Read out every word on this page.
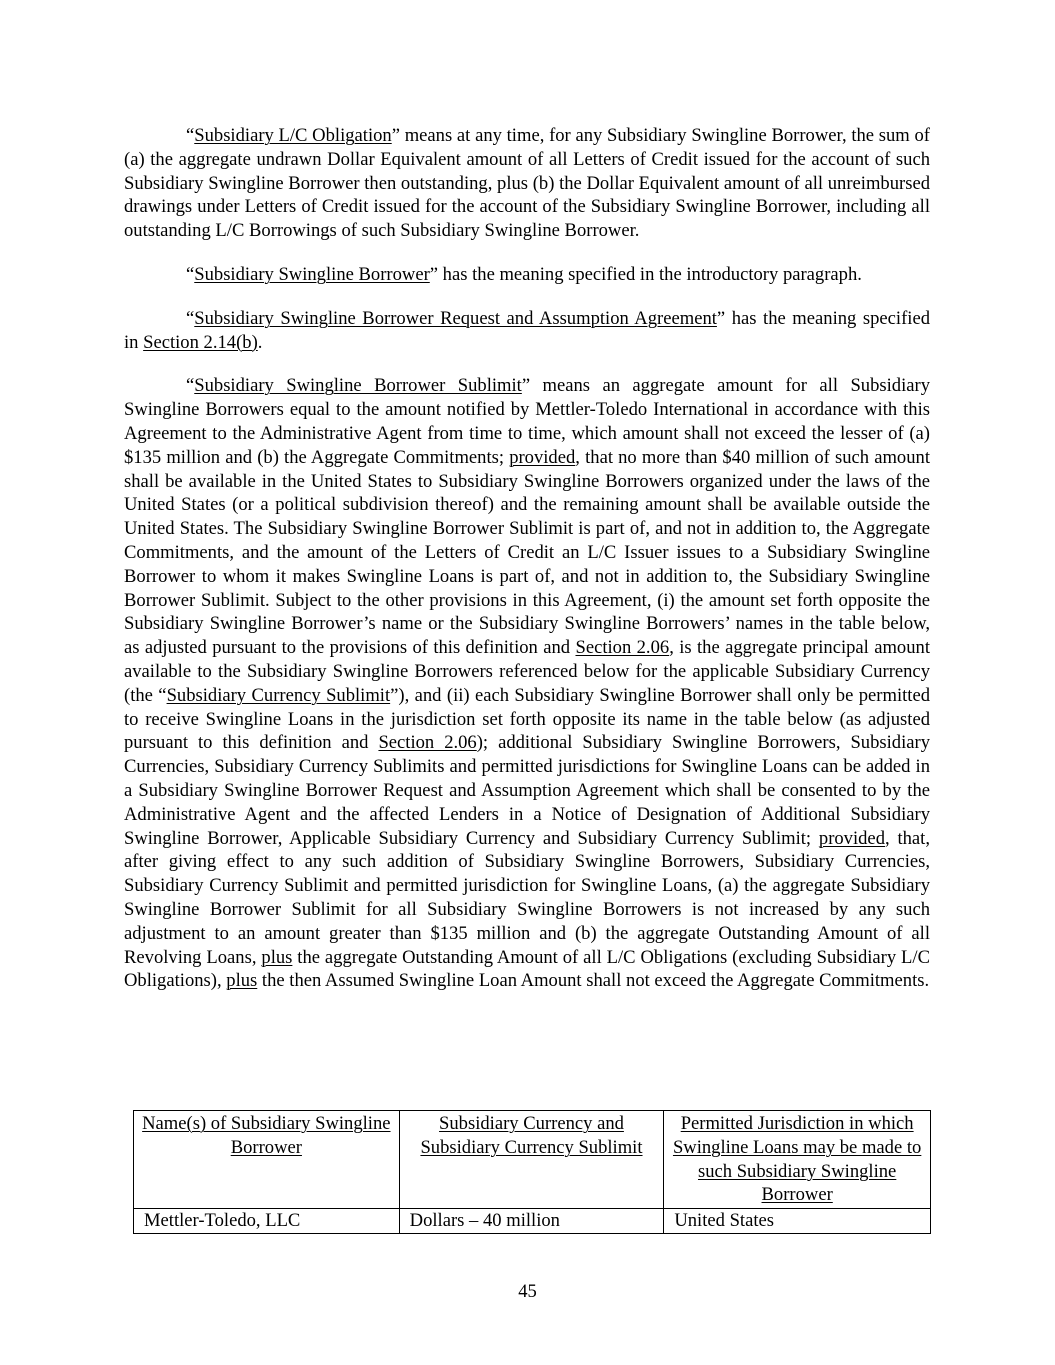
“Subsidiary L/C Obligation” means at any time, for any Subsidiary Swingline Borrower, the sum of (a) the aggregate undrawn Dollar Equivalent amount of all Letters of Credit issued for the account of such Subsidiary Swingline Borrower then outstanding, plus (b) the Dollar Equivalent amount of all unreimbursed drawings under Letters of Credit issued for the account of the Subsidiary Swingline Borrower, including all outstanding L/C Borrowings of such Subsidiary Swingline Borrower.

“Subsidiary Swingline Borrower” has the meaning specified in the introductory paragraph.

“Subsidiary Swingline Borrower Request and Assumption Agreement” has the meaning specified in Section 2.14(b).

“Subsidiary Swingline Borrower Sublimit” means an aggregate amount for all Subsidiary Swingline Borrowers equal to the amount notified by Mettler-Toledo International in accordance with this Agreement to the Administrative Agent from time to time, which amount shall not exceed the lesser of (a) $135 million and (b) the Aggregate Commitments; provided, that no more than $40 million of such amount shall be available in the United States to Subsidiary Swingline Borrowers organized under the laws of the United States (or a political subdivision thereof) and the remaining amount shall be available outside the United States. The Subsidiary Swingline Borrower Sublimit is part of, and not in addition to, the Aggregate Commitments, and the amount of the Letters of Credit an L/C Issuer issues to a Subsidiary Swingline Borrower to whom it makes Swingline Loans is part of, and not in addition to, the Subsidiary Swingline Borrower Sublimit. Subject to the other provisions in this Agreement, (i) the amount set forth opposite the Subsidiary Swingline Borrower’s name or the Subsidiary Swingline Borrowers’ names in the table below, as adjusted pursuant to the provisions of this definition and Section 2.06, is the aggregate principal amount available to the Subsidiary Swingline Borrowers referenced below for the applicable Subsidiary Currency (the “Subsidiary Currency Sublimit”), and (ii) each Subsidiary Swingline Borrower shall only be permitted to receive Swingline Loans in the jurisdiction set forth opposite its name in the table below (as adjusted pursuant to this definition and Section 2.06); additional Subsidiary Swingline Borrowers, Subsidiary Currencies, Subsidiary Currency Sublimits and permitted jurisdictions for Swingline Loans can be added in a Subsidiary Swingline Borrower Request and Assumption Agreement which shall be consented to by the Administrative Agent and the affected Lenders in a Notice of Designation of Additional Subsidiary Swingline Borrower, Applicable Subsidiary Currency and Subsidiary Currency Sublimit; provided, that, after giving effect to any such addition of Subsidiary Swingline Borrowers, Subsidiary Currencies, Subsidiary Currency Sublimit and permitted jurisdiction for Swingline Loans, (a) the aggregate Subsidiary Swingline Borrower Sublimit for all Subsidiary Swingline Borrowers is not increased by any such adjustment to an amount greater than $135 million and (b) the aggregate Outstanding Amount of all Revolving Loans, plus the aggregate Outstanding Amount of all L/C Obligations (excluding Subsidiary L/C Obligations), plus the then Assumed Swingline Loan Amount shall not exceed the Aggregate Commitments.

Name(s) of Subsidiary Swingline Borrower	Subsidiary Currency and Subsidiary Currency Sublimit	Permitted Jurisdiction in which Swingline Loans may be made to such Subsidiary Swingline Borrower
Mettler-Toledo, LLC	Dollars – 40 million	United States
45
